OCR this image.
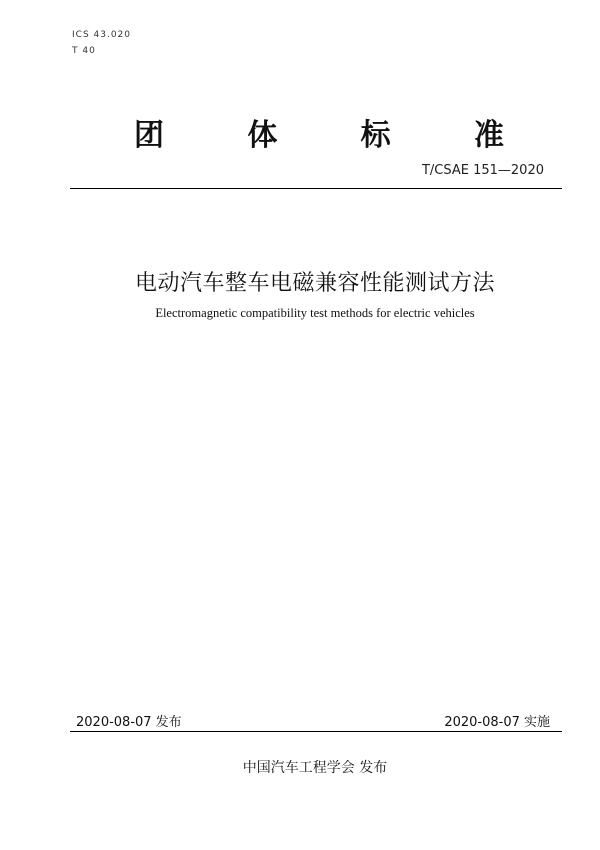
ICS 43.020
T 40
团	体	标	准
T/CSAE 151—2020
电动汽车整车电磁兼容性能测试方法
Electromagnetic compatibility test methods for electric vehicles
2020-08-07 发布	2020-08-07 实施
中国汽车工程学会 发布
